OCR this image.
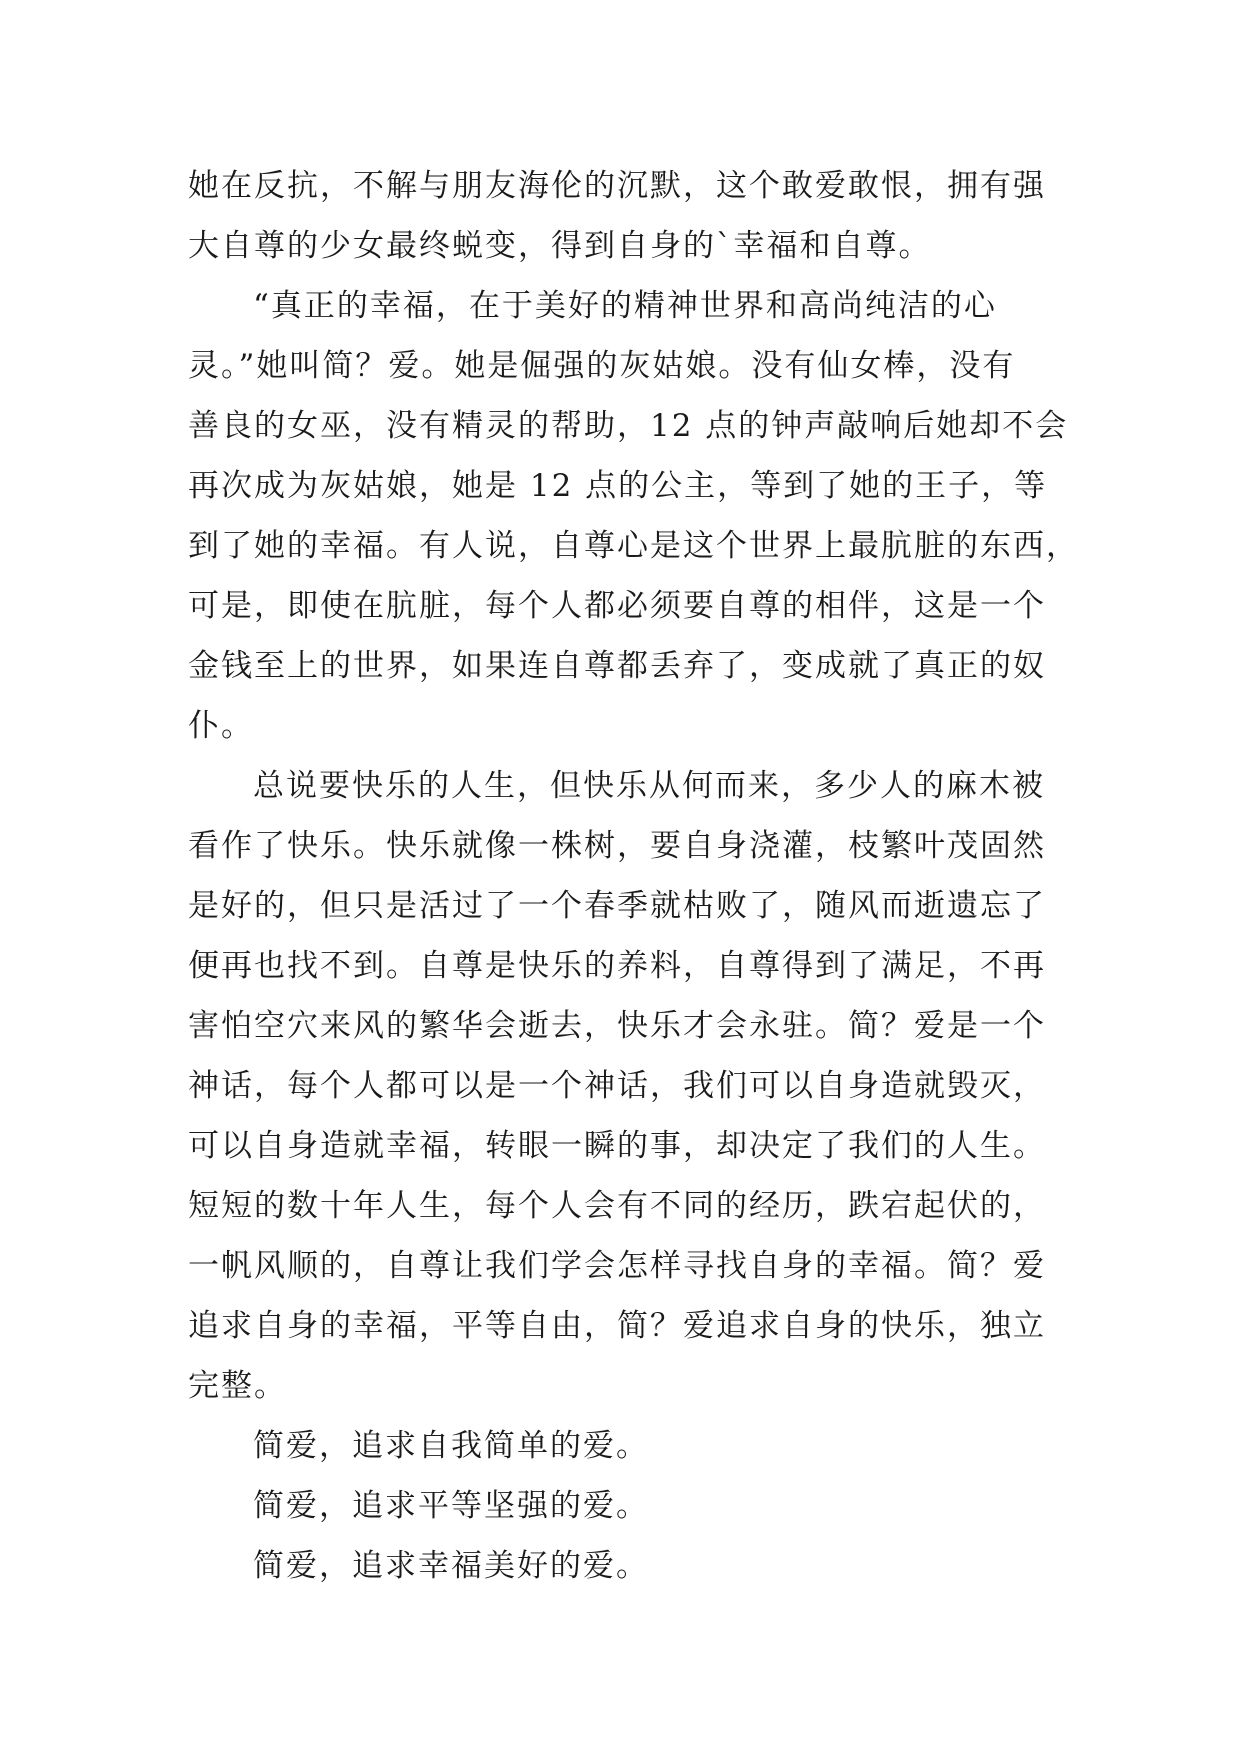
她在反抗，不解与朋友海伦的沉默，这个敢爱敢恨，拥有强
大自尊的少女最终蜕变，得到自身的`幸福和自尊。
“真正的幸福，在于美好的精神世界和高尚纯洁的心
灵。”她叫简？爱。她是倔强的灰姑娘。没有仙女棒，没有
善良的女巫，没有精灵的帮助，12 点的钟声敲响后她却不会
再次成为灰姑娘，她是 12 点的公主，等到了她的王子，等
到了她的幸福。有人说，自尊心是这个世界上最肮脏的东西，
可是，即使在肮脏，每个人都必须要自尊的相伴，这是一个
金钱至上的世界，如果连自尊都丢弃了，变成就了真正的奴
仆。
总说要快乐的人生，但快乐从何而来，多少人的麻木被
看作了快乐。快乐就像一株树，要自身浇灌，枝繁叶茂固然
是好的，但只是活过了一个春季就枯败了，随风而逝遗忘了
便再也找不到。自尊是快乐的养料，自尊得到了满足，不再
害怕空穴来风的繁华会逝去，快乐才会永驻。简？爱是一个
神话，每个人都可以是一个神话，我们可以自身造就毁灭，
可以自身造就幸福，转眼一瞬的事，却决定了我们的人生。
短短的数十年人生，每个人会有不同的经历，跌宕起伏的，
一帆风顺的，自尊让我们学会怎样寻找自身的幸福。简？爱
追求自身的幸福，平等自由，简？爱追求自身的快乐，独立
完整。
简爱，追求自我简单的爱。
简爱，追求平等坚强的爱。
简爱，追求幸福美好的爱。
